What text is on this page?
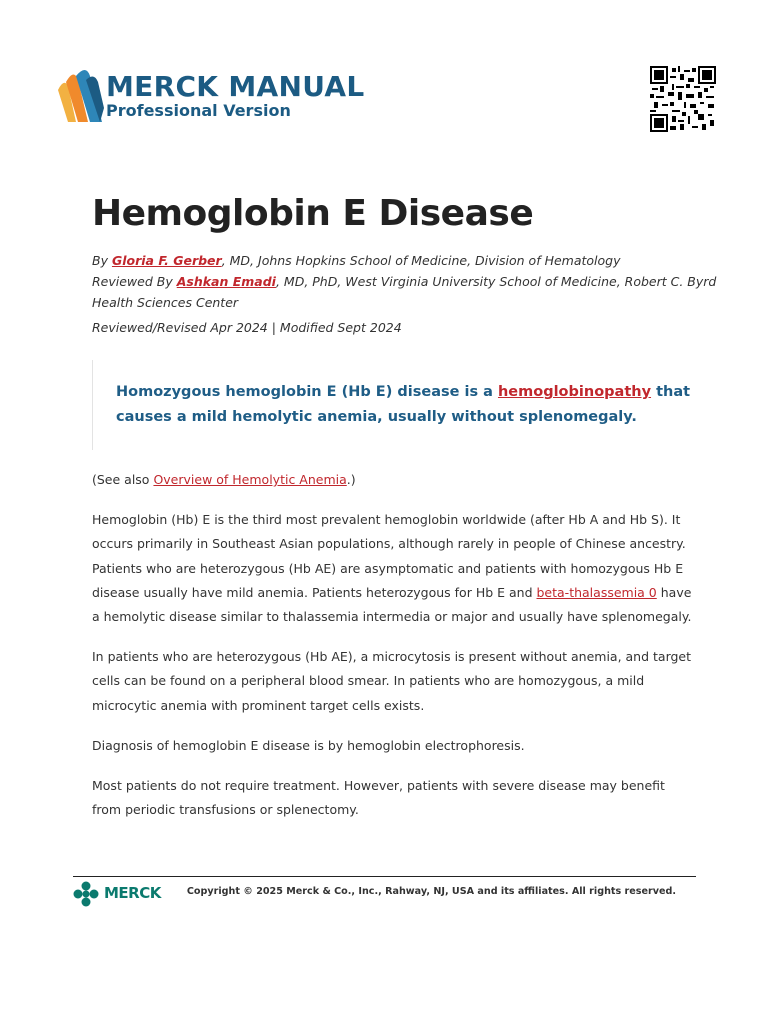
MERCK MANUAL
Professional Version
Hemoglobin E Disease
By Gloria F. Gerber, MD, Johns Hopkins School of Medicine, Division of Hematology
Reviewed By Ashkan Emadi, MD, PhD, West Virginia University School of Medicine, Robert C. Byrd
Health Sciences Center
Reviewed/Revised Apr 2024 | Modified Sept 2024
Homozygous hemoglobin E (Hb E) disease is a hemoglobinopathy that
causes a mild hemolytic anemia, usually without splenomegaly.

(See also Overview of Hemolytic Anemia.)

Hemoglobin (Hb) E is the third most prevalent hemoglobin worldwide (after Hb A and Hb S). It
occurs primarily in Southeast Asian populations, although rarely in people of Chinese ancestry.
Patients who are heterozygous (Hb AE) are asymptomatic and patients with homozygous Hb E
disease usually have mild anemia. Patients heterozygous for Hb E and beta-thalassemia 0 have
a hemolytic disease similar to thalassemia intermedia or major and usually have splenomegaly.

In patients who are heterozygous (Hb AE), a microcytosis is present without anemia, and target
cells can be found on a peripheral blood smear. In patients who are homozygous, a mild
microcytic anemia with prominent target cells exists.

Diagnosis of hemoglobin E disease is by hemoglobin electrophoresis.

Most patients do not require treatment. However, patients with severe disease may benefit
from periodic transfusions or splenectomy.

MERCK	Copyright © 2025 Merck & Co., Inc., Rahway, NJ, USA and its affiliates. All rights reserved.
